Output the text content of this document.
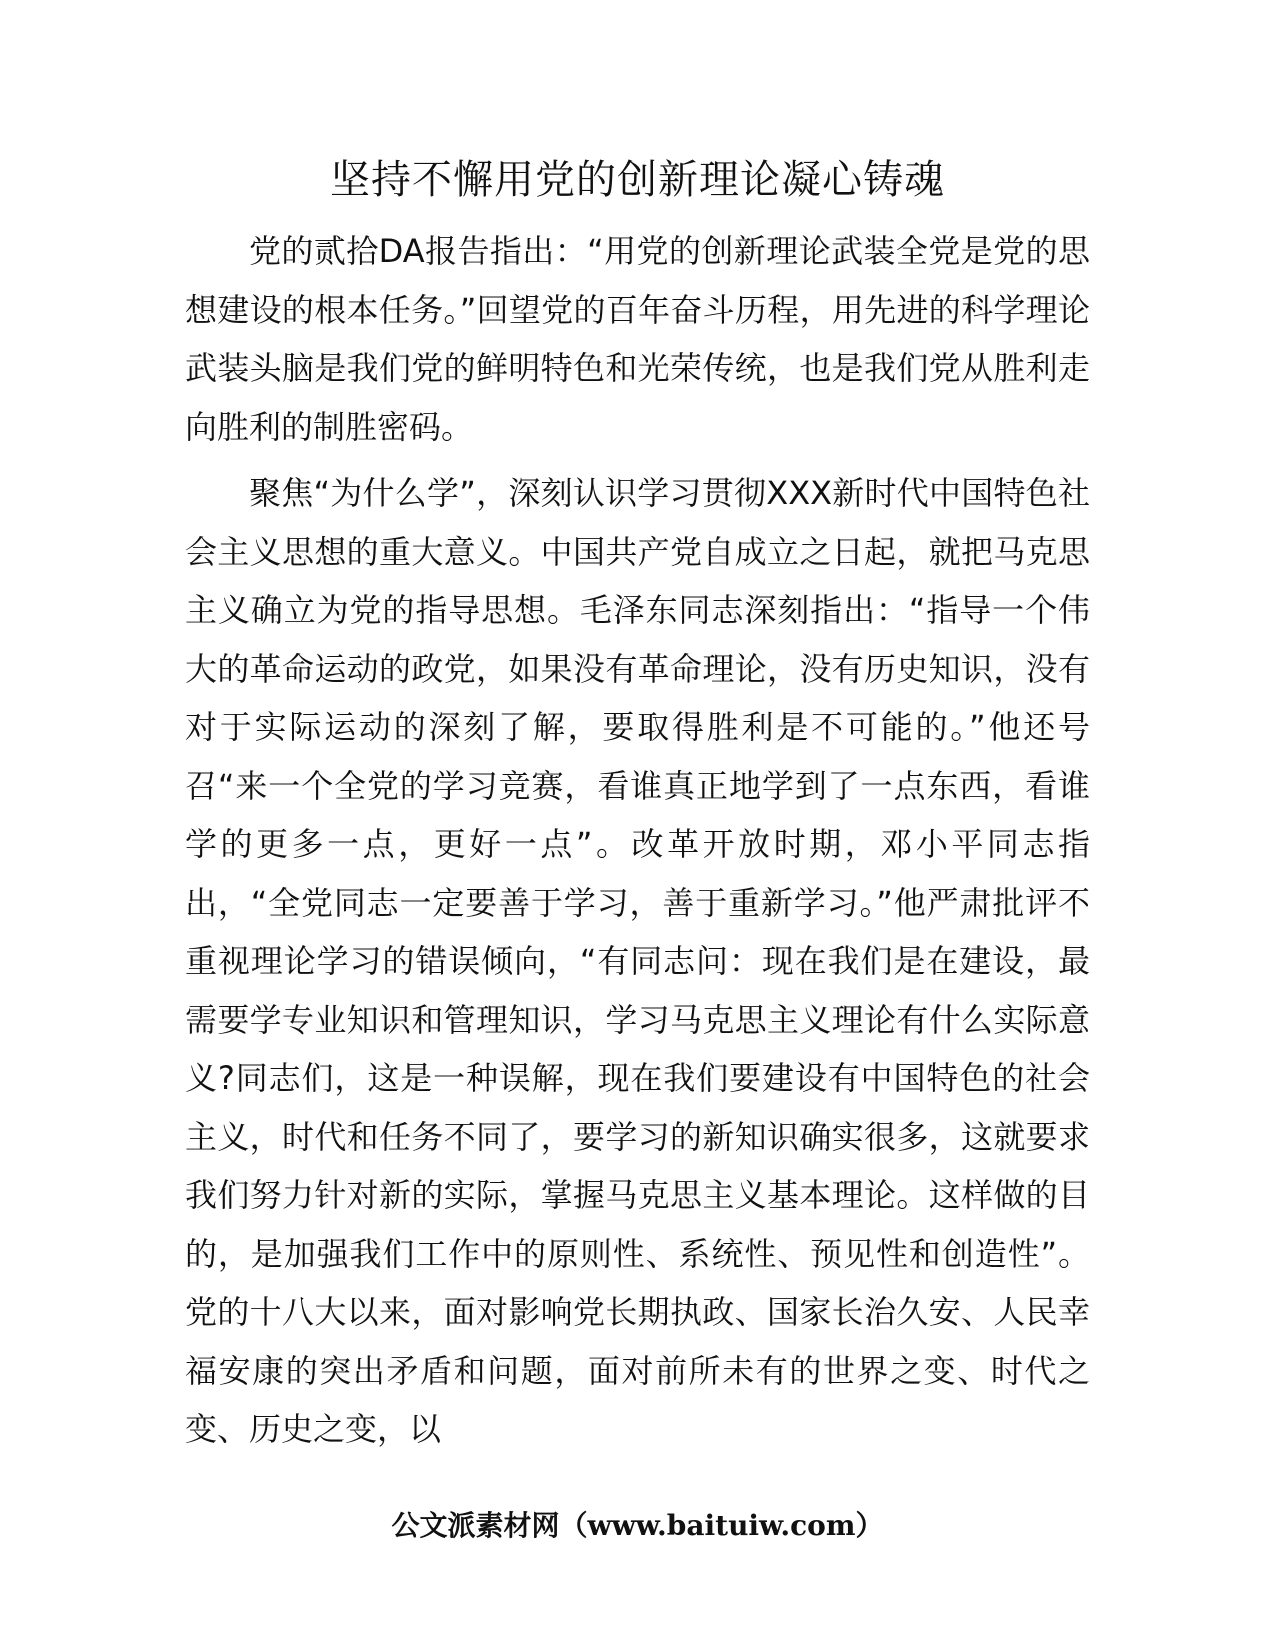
坚持不懈用党的创新理论凝心铸魂

党的贰拾DA报告指出：“用党的创新理论武装全党是党的思想建设的根本任务。”回望党的百年奋斗历程，用先进的科学理论武装头脑是我们党的鲜明特色和光荣传统，也是我们党从胜利走向胜利的制胜密码。

聚焦“为什么学”，深刻认识学习贯彻XXX新时代中国特色社会主义思想的重大意义。中国共产党自成立之日起，就把马克思主义确立为党的指导思想。毛泽东同志深刻指出：“指导一个伟大的革命运动的政党，如果没有革命理论，没有历史知识，没有对于实际运动的深刻了解，要取得胜利是不可能的。”他还号召“来一个全党的学习竞赛，看谁真正地学到了一点东西，看谁学的更多一点，更好一点”。改革开放时期，邓小平同志指出，“全党同志一定要善于学习，善于重新学习。”他严肃批评不重视理论学习的错误倾向，“有同志问：现在我们是在建设，最需要学专业知识和管理知识，学习马克思主义理论有什么实际意义?同志们，这是一种误解，现在我们要建设有中国特色的社会主义，时代和任务不同了，要学习的新知识确实很多，这就要求我们努力针对新的实际，掌握马克思主义基本理论。这样做的目的，是加强我们工作中的原则性、系统性、预见性和创造性”。党的十八大以来，面对影响党长期执政、国家长治久安、人民幸福安康的突出矛盾和问题，面对前所未有的世界之变、时代之变、历史之变，以

公文派素材网（www.baituiw.com）
